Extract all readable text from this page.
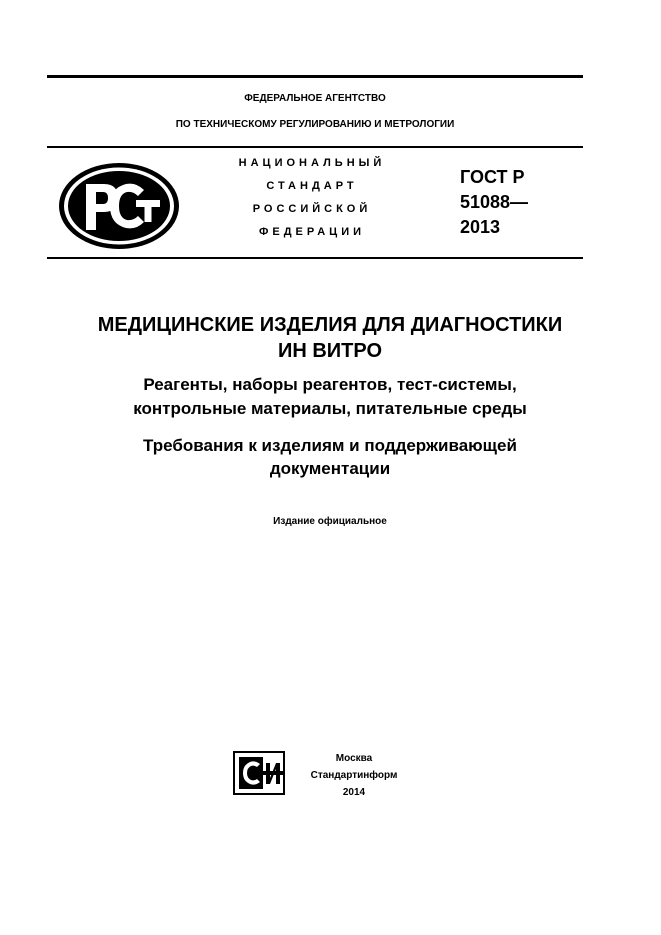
ФЕДЕРАЛЬНОЕ АГЕНТСТВО
ПО ТЕХНИЧЕСКОМУ РЕГУЛИРОВАНИЮ И МЕТРОЛОГИИ
НАЦИОНАЛЬНЫЙ
СТАНДАРТ
РОССИЙСКОЙ
ФЕДЕРАЦИИ
ГОСТ Р
51088—
2013
МЕДИЦИНСКИЕ ИЗДЕЛИЯ ДЛЯ ДИАГНОСТИКИ
ИН ВИТРО
Реагенты, наборы реагентов, тест-системы,
контрольные материалы, питательные среды
Требования к изделиям и поддерживающей
документации
Издание официальное
Москва
Стандартинформ
2014
